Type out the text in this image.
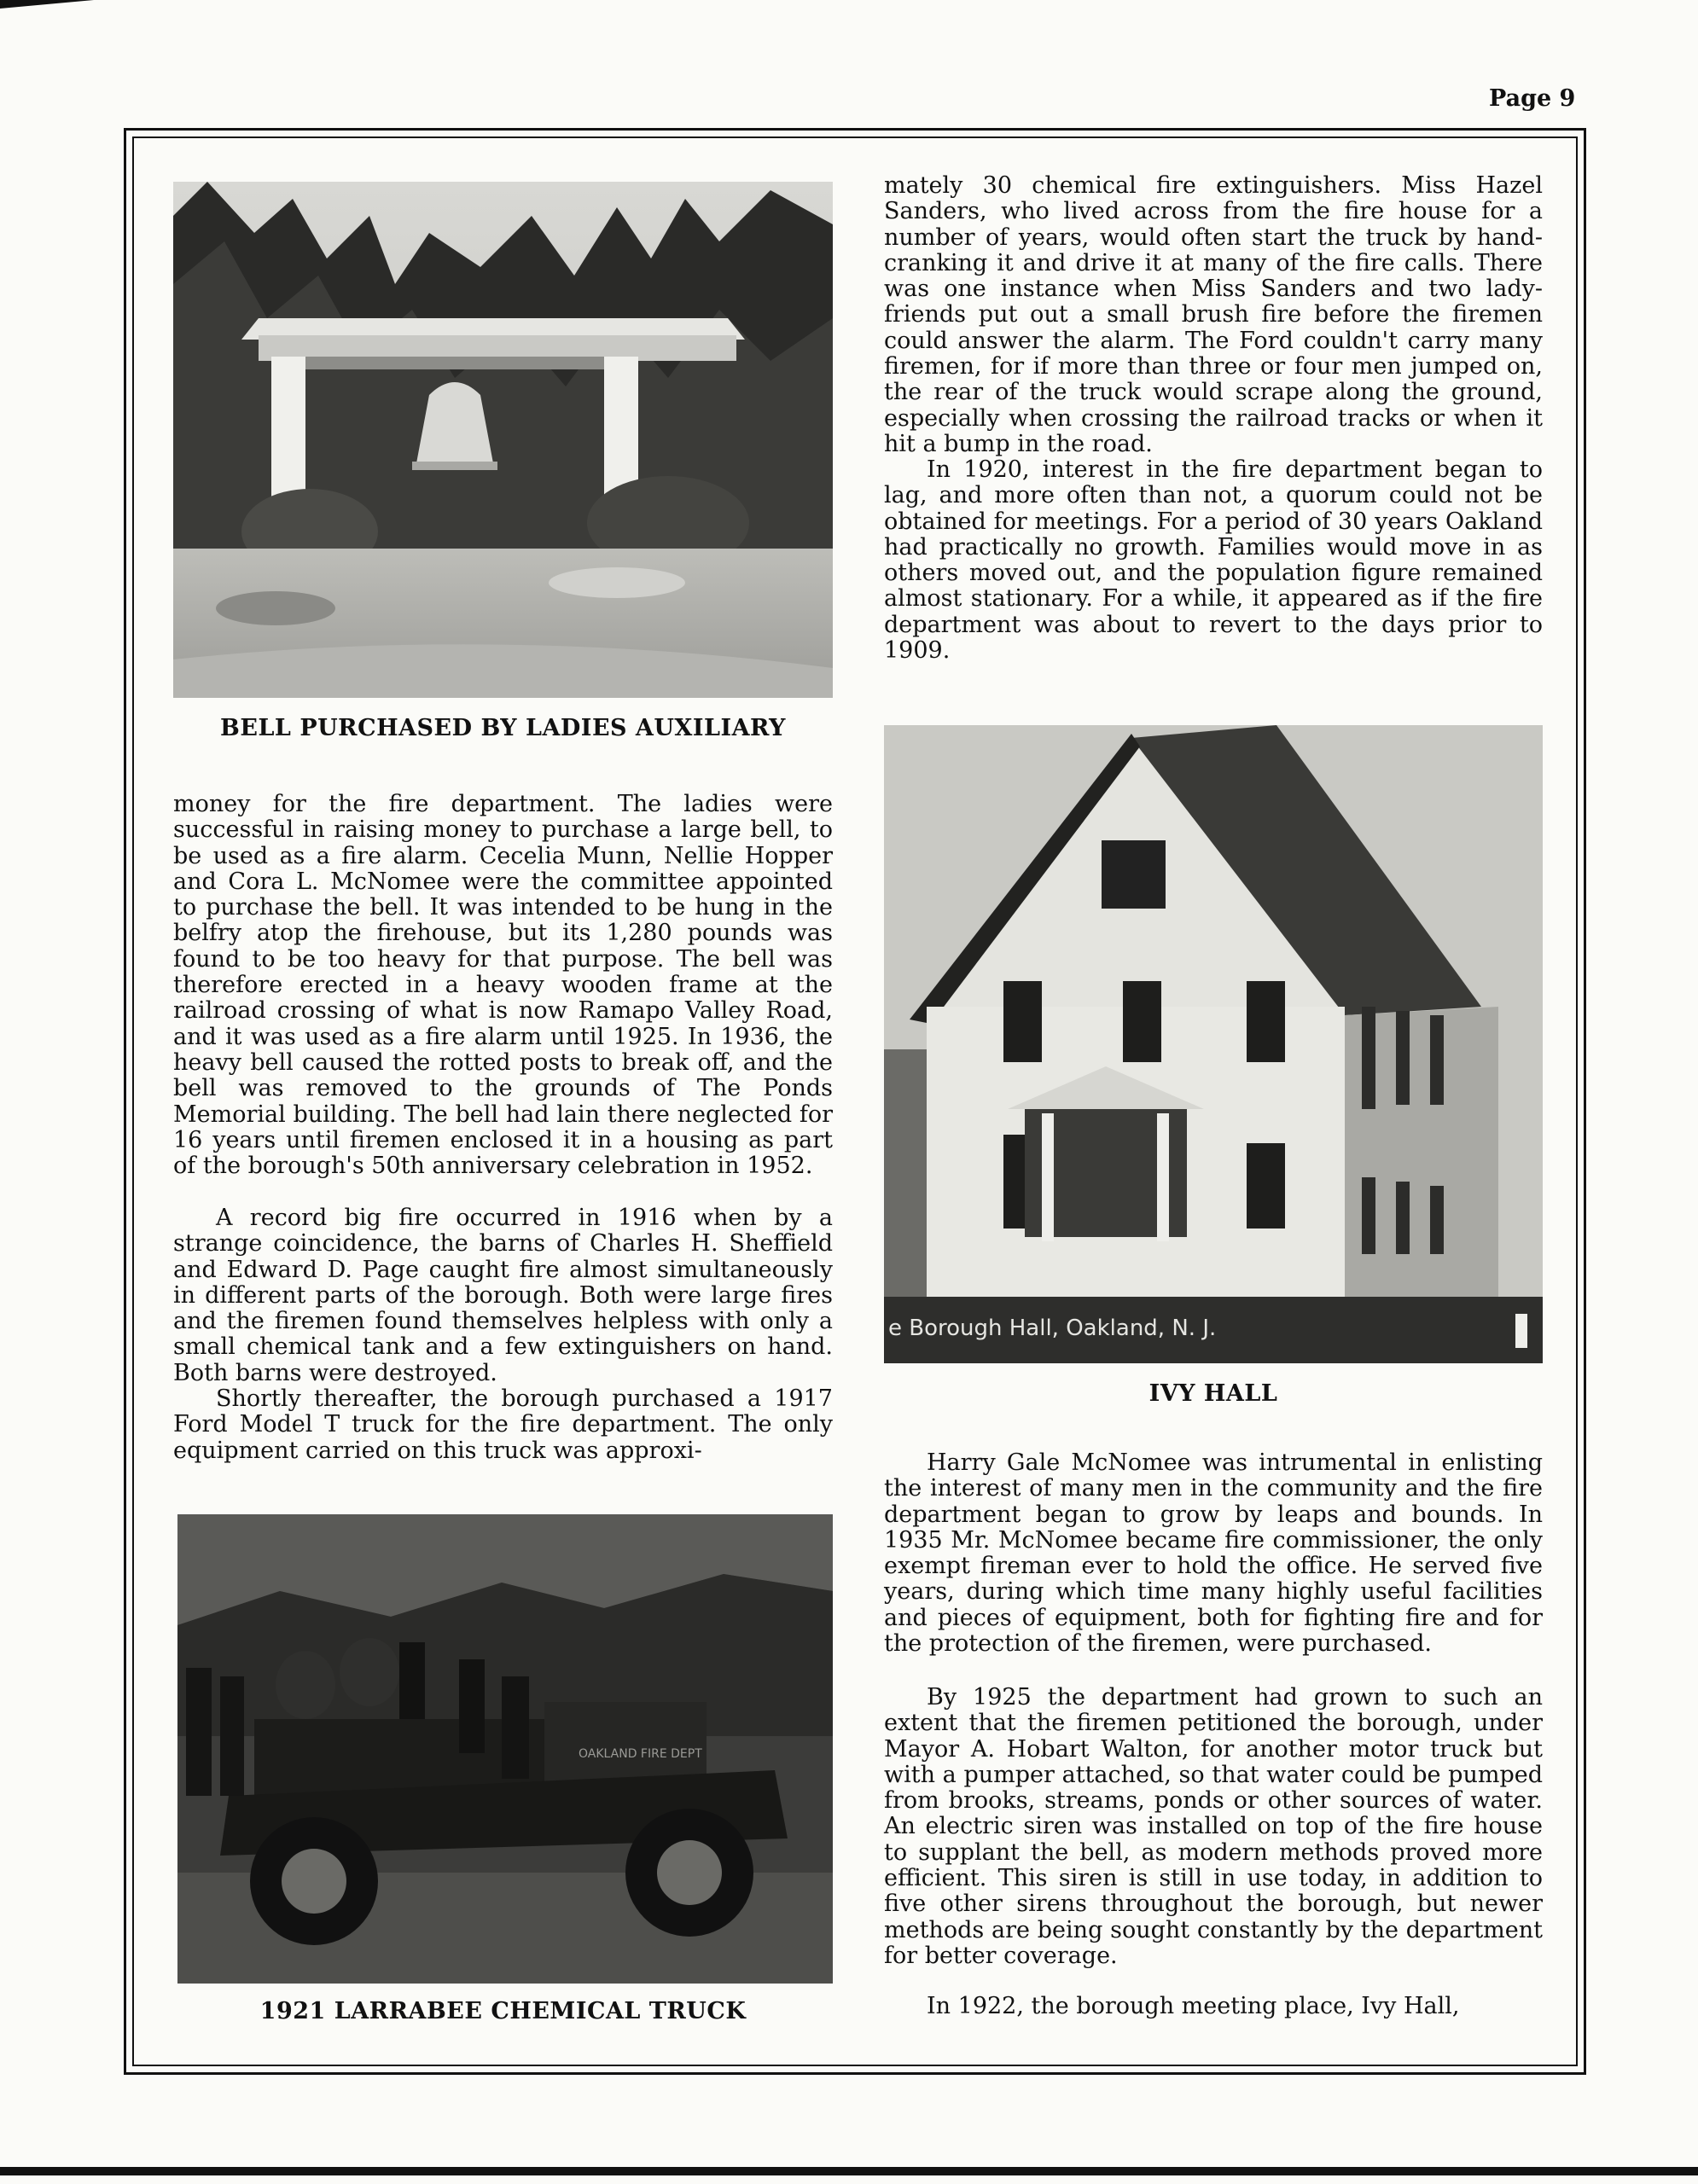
Page 9
BELL PURCHASED BY LADIES AUXILIARY

money for the fire department. The ladies were successful in raising money to purchase a large bell, to be used as a fire alarm. Cecelia Munn, Nellie Hopper and Cora L. McNomee were the committee appointed to purchase the bell. It was intended to be hung in the belfry atop the firehouse, but its 1,280 pounds was found to be too heavy for that purpose. The bell was therefore erected in a heavy wooden frame at the railroad crossing of what is now Ramapo Valley Road, and it was used as a fire alarm until 1925. In 1936, the heavy bell caused the rotted posts to break off, and the bell was removed to the grounds of The Ponds Memorial building. The bell had lain there neglected for 16 years until firemen enclosed it in a housing as part of the borough's 50th anniversary celebration in 1952.

A record big fire occurred in 1916 when by a strange coincidence, the barns of Charles H. Sheffield and Edward D. Page caught fire almost simultaneously in different parts of the borough. Both were large fires and the firemen found themselves helpless with only a small chemical tank and a few extinguishers on hand. Both barns were destroyed.

Shortly thereafter, the borough purchased a 1917 Ford Model T truck for the fire department. The only equipment carried on this truck was approxi-

OAKLAND FIRE DEPT
1921 LARRABEE CHEMICAL TRUCK

mately 30 chemical fire extinguishers. Miss Hazel Sanders, who lived across from the fire house for a number of years, would often start the truck by hand-cranking it and drive it at many of the fire calls. There was one instance when Miss Sanders and two lady-friends put out a small brush fire before the firemen could answer the alarm. The Ford couldn't carry many firemen, for if more than three or four men jumped on, the rear of the truck would scrape along the ground, especially when crossing the railroad tracks or when it hit a bump in the road.

In 1920, interest in the fire department began to lag, and more often than not, a quorum could not be obtained for meetings. For a period of 30 years Oakland had practically no growth. Families would move in as others moved out, and the population figure remained almost stationary. For a while, it appeared as if the fire department was about to revert to the days prior to 1909.

e Borough Hall, Oakland, N. J.
IVY HALL

Harry Gale McNomee was intrumental in enlisting the interest of many men in the community and the fire department began to grow by leaps and bounds. In 1935 Mr. McNomee became fire commissioner, the only exempt fireman ever to hold the office. He served five years, during which time many highly useful facilities and pieces of equipment, both for fighting fire and for the protection of the firemen, were purchased.

By 1925 the department had grown to such an extent that the firemen petitioned the borough, under Mayor A. Hobart Walton, for another motor truck but with a pumper attached, so that water could be pumped from brooks, streams, ponds or other sources of water. An electric siren was installed on top of the fire house to supplant the bell, as modern methods proved more efficient. This siren is still in use today, in addition to five other sirens throughout the borough, but newer methods are being sought constantly by the department for better coverage.

In 1922, the borough meeting place, Ivy Hall,
